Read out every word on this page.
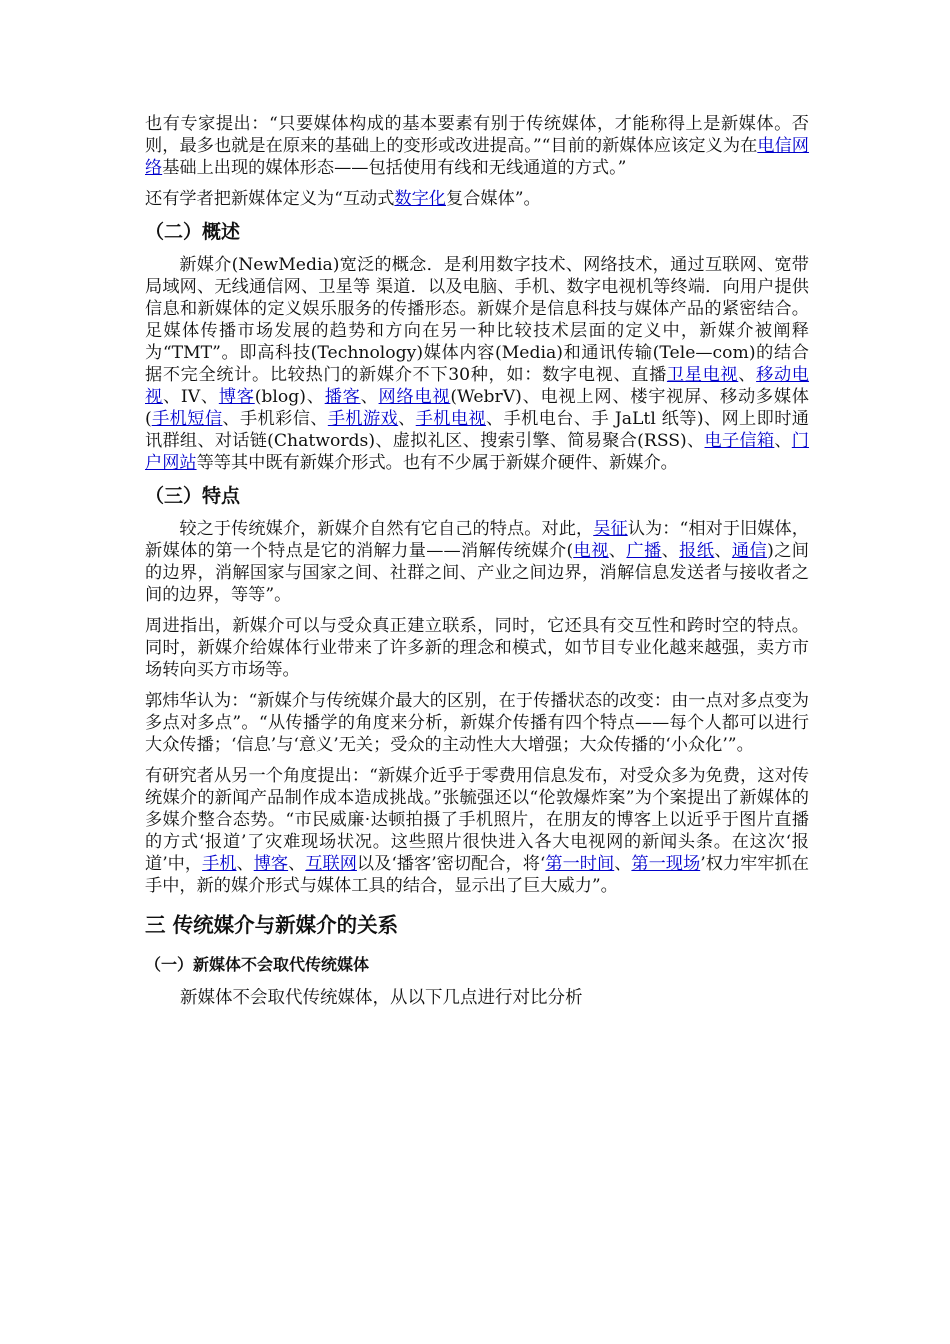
也有专家提出：“只要媒体构成的基本要素有别于传统媒体，才能称得上是新媒体。否则，最多也就是在原来的基础上的变形或改进提高。”“目前的新媒体应该定义为在电信网络基础上出现的媒体形态——包括使用有线和无线通道的方式。”

还有学者把新媒体定义为“互动式数字化复合媒体”。

（二）概述

新媒介(NewMedia)宽泛的概念．是利用数字技术、网络技术，通过互联网、宽带局域网、无线通信网、卫星等 渠道．以及电脑、手机、数字电视机等终端．向用户提供信息和新媒体的定义娱乐服务的传播形态。新媒介是信息科技与媒体产品的紧密结合。足媒体传播市场发展的趋势和方向在另一种比较技术层面的定义中，新媒介被阐释为“TMT”。即高科技(Technology)媒体内容(Media)和通讯传输(Tele—com)的结合据不完全统计。比较热门的新媒介不下30种，如：数字电视、直播卫星电视、移动电视、IV、博客(blog)、播客、网络电视(WebrV)、电视上网、楼宇视屏、移动多媒体(手机短信、手机彩信、手机游戏、手机电视、手机电台、手 JaLtl 纸等)、网上即时通讯群组、对话链(Chatwords)、虚拟礼区、搜索引擎、简易聚合(RSS)、电子信箱、门户网站等等其中既有新媒介形式。也有不少属于新媒介硬件、新媒介。

（三）特点

较之于传统媒介，新媒介自然有它自己的特点。对此，吴征认为：“相对于旧媒体，新媒体的第一个特点是它的消解力量——消解传统媒介(电视、广播、报纸、通信)之间的边界，消解国家与国家之间、社群之间、产业之间边界，消解信息发送者与接收者之间的边界，等等”。

周进指出，新媒介可以与受众真正建立联系，同时，它还具有交互性和跨时空的特点。同时，新媒介给媒体行业带来了许多新的理念和模式，如节目专业化越来越强，卖方市场转向买方市场等。

郭炜华认为：“新媒介与传统媒介最大的区别，在于传播状态的改变：由一点对多点变为多点对多点”。“从传播学的角度来分析，新媒介传播有四个特点——每个人都可以进行大众传播；‘信息’与‘意义’无关；受众的主动性大大增强；大众传播的‘小众化’”。

有研究者从另一个角度提出：“新媒介近乎于零费用信息发布，对受众多为免费，这对传统媒介的新闻产品制作成本造成挑战。”张毓强还以“伦敦爆炸案”为个案提出了新媒体的多媒介整合态势。“市民威廉·达顿拍摄了手机照片，在朋友的博客上以近乎于图片直播的方式‘报道’了灾难现场状况。这些照片很快进入各大电视网的新闻头条。在这次‘报道’中，手机、博客、互联网以及‘播客’密切配合，将‘第一时间、第一现场’权力牢牢抓在手中，新的媒介形式与媒体工具的结合，显示出了巨大威力”。

三 传统媒介与新媒介的关系
（一）新媒体不会取代传统媒体

新媒体不会取代传统媒体，从以下几点进行对比分析
